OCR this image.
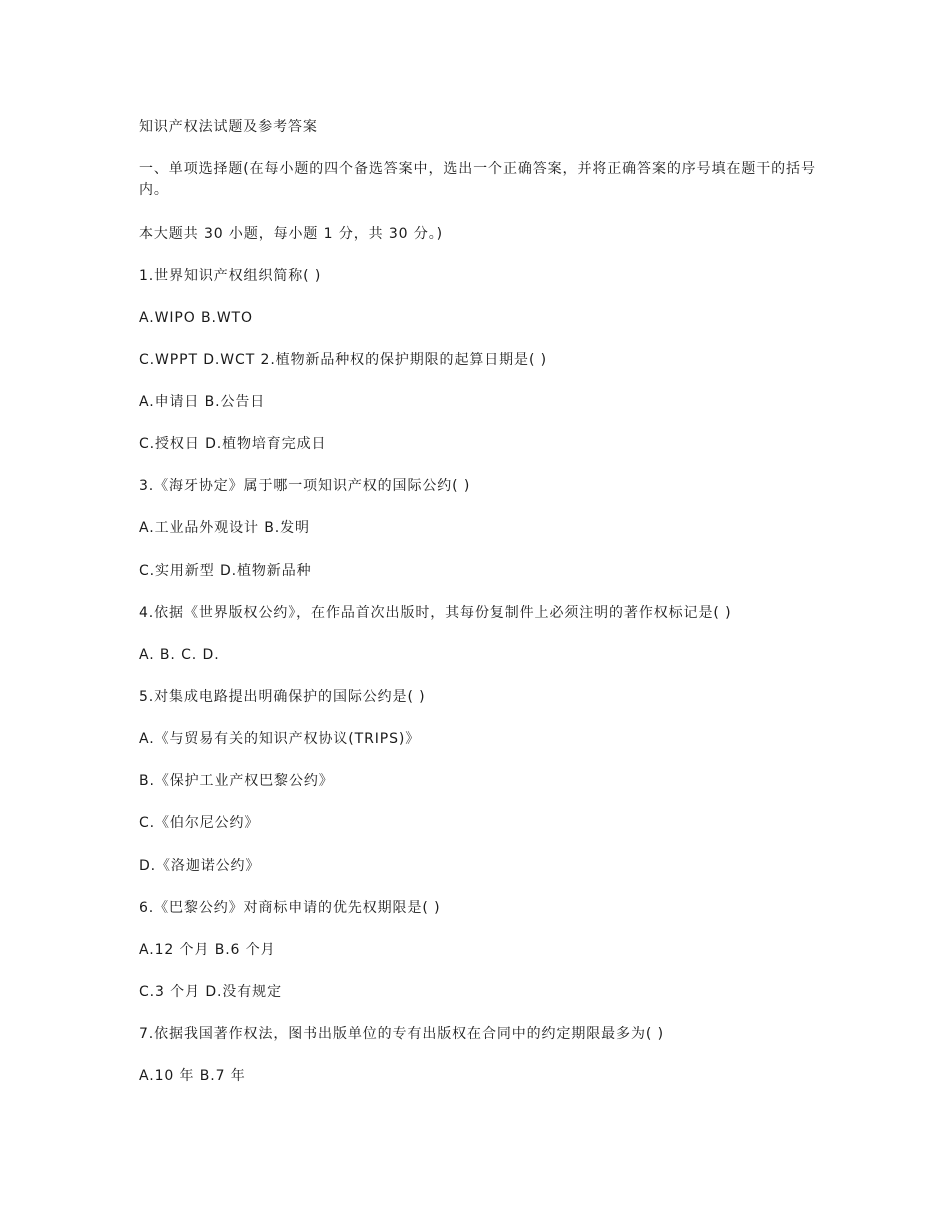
知识产权法试题及参考答案
一、单项选择题(在每小题的四个备选答案中，选出一个正确答案，并将正确答案的序号填在题干的括号内。
本大题共 30 小题，每小题 1 分，共 30 分。)
1.世界知识产权组织简称( )
A.WIPO B.WTO
C.WPPT D.WCT 2.植物新品种权的保护期限的起算日期是( )
A.申请日 B.公告日
C.授权日 D.植物培育完成日
3.《海牙协定》属于哪一项知识产权的国际公约( )
A.工业品外观设计 B.发明
C.实用新型 D.植物新品种
4.依据《世界版权公约》，在作品首次出版时，其每份复制件上必须注明的著作权标记是( )
A. B. C. D.
5.对集成电路提出明确保护的国际公约是( )
A.《与贸易有关的知识产权协议(TRIPS)》
B.《保护工业产权巴黎公约》
C.《伯尔尼公约》
D.《洛迦诺公约》
6.《巴黎公约》对商标申请的优先权期限是( )
A.12 个月 B.6 个月
C.3 个月 D.没有规定
7.依据我国著作权法，图书出版单位的专有出版权在合同中的约定期限最多为( )
A.10 年 B.7 年
